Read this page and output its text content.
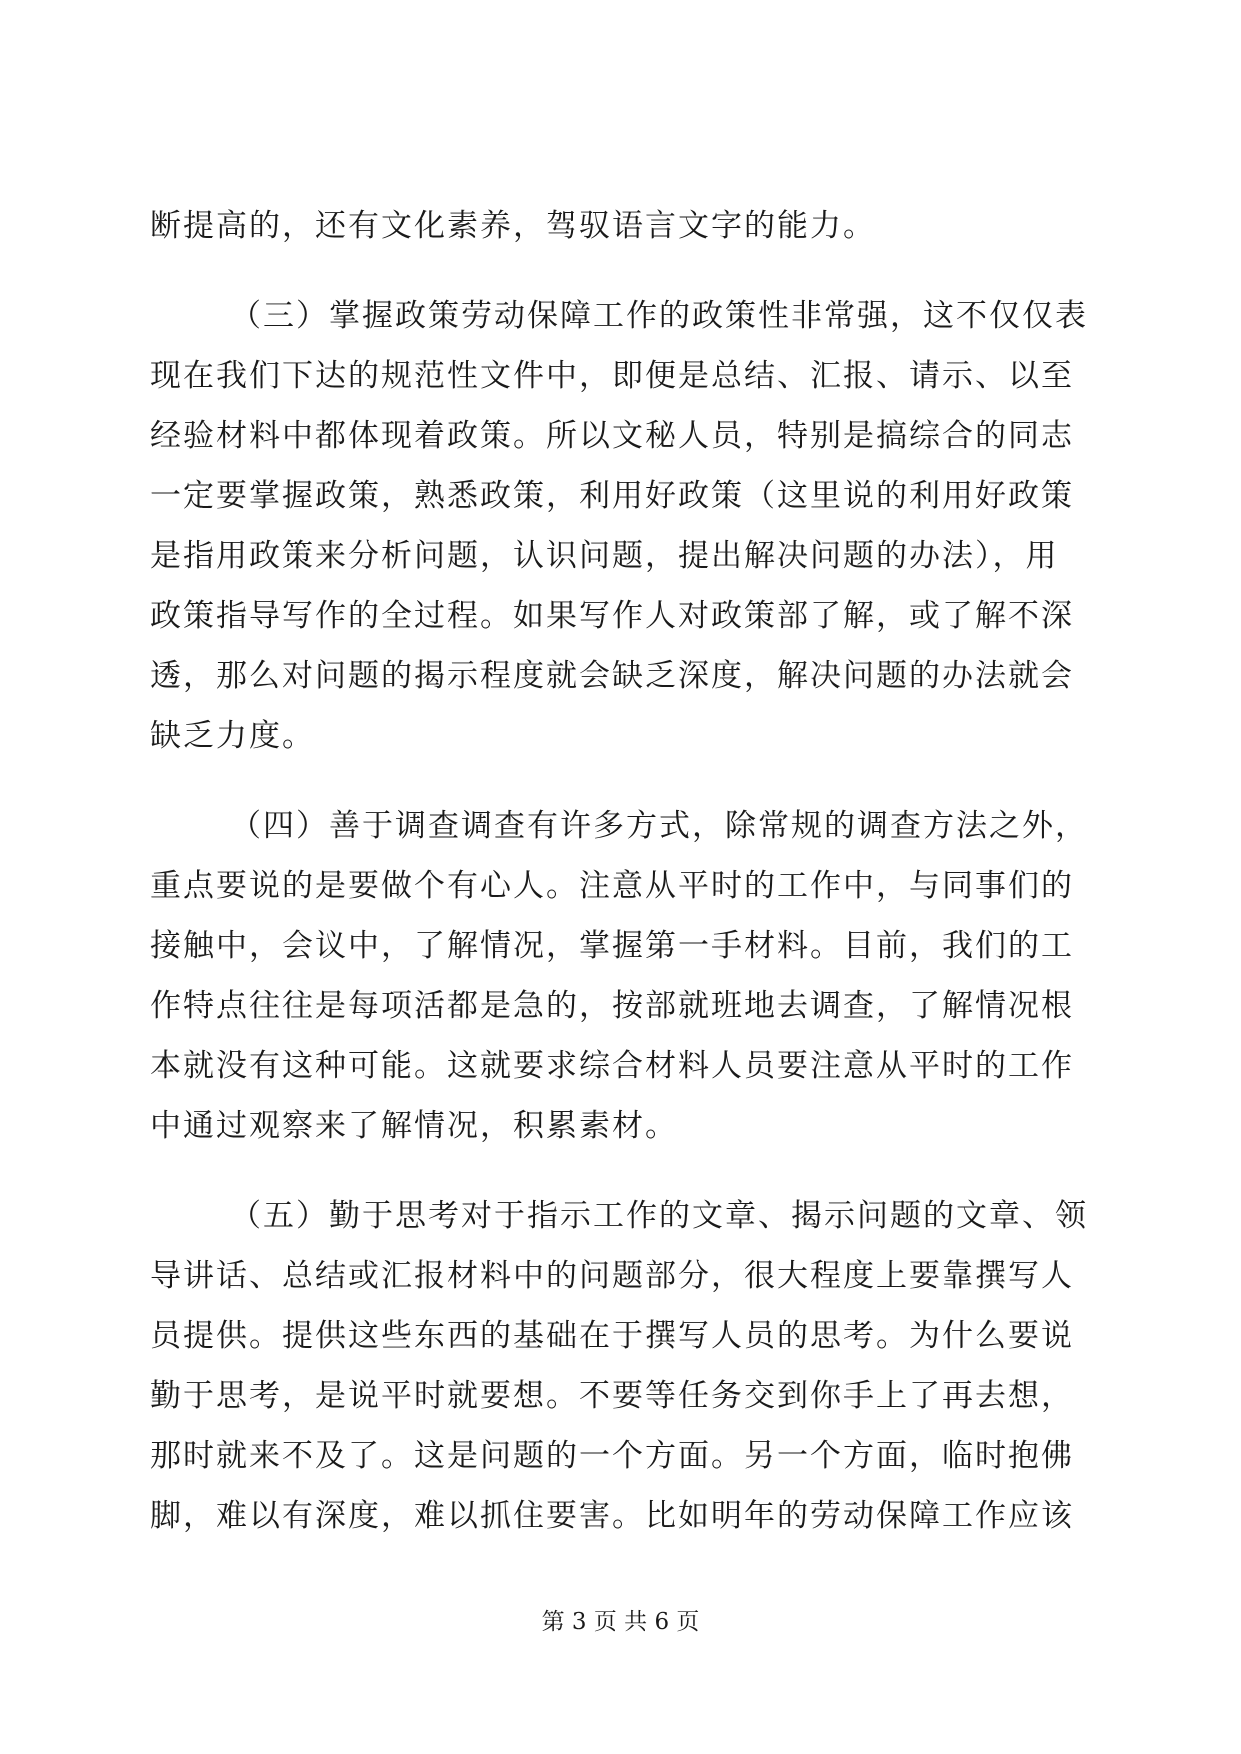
断提高的，还有文化素养，驾驭语言文字的能力。
（三）掌握政策劳动保障工作的政策性非常强，这不仅仅表
现在我们下达的规范性文件中，即便是总结、汇报、请示、以至
经验材料中都体现着政策。所以文秘人员，特别是搞综合的同志
一定要掌握政策，熟悉政策，利用好政策（这里说的利用好政策
是指用政策来分析问题，认识问题，提出解决问题的办法），用
政策指导写作的全过程。如果写作人对政策部了解，或了解不深
透，那么对问题的揭示程度就会缺乏深度，解决问题的办法就会
缺乏力度。
（四）善于调查调查有许多方式，除常规的调查方法之外，
重点要说的是要做个有心人。注意从平时的工作中，与同事们的
接触中，会议中，了解情况，掌握第一手材料。目前，我们的工
作特点往往是每项活都是急的，按部就班地去调查，了解情况根
本就没有这种可能。这就要求综合材料人员要注意从平时的工作
中通过观察来了解情况，积累素材。
（五）勤于思考对于指示工作的文章、揭示问题的文章、领
导讲话、总结或汇报材料中的问题部分，很大程度上要靠撰写人
员提供。提供这些东西的基础在于撰写人员的思考。为什么要说
勤于思考，是说平时就要想。不要等任务交到你手上了再去想，
那时就来不及了。这是问题的一个方面。另一个方面，临时抱佛
脚，难以有深度，难以抓住要害。比如明年的劳动保障工作应该
第 3 页 共 6 页
